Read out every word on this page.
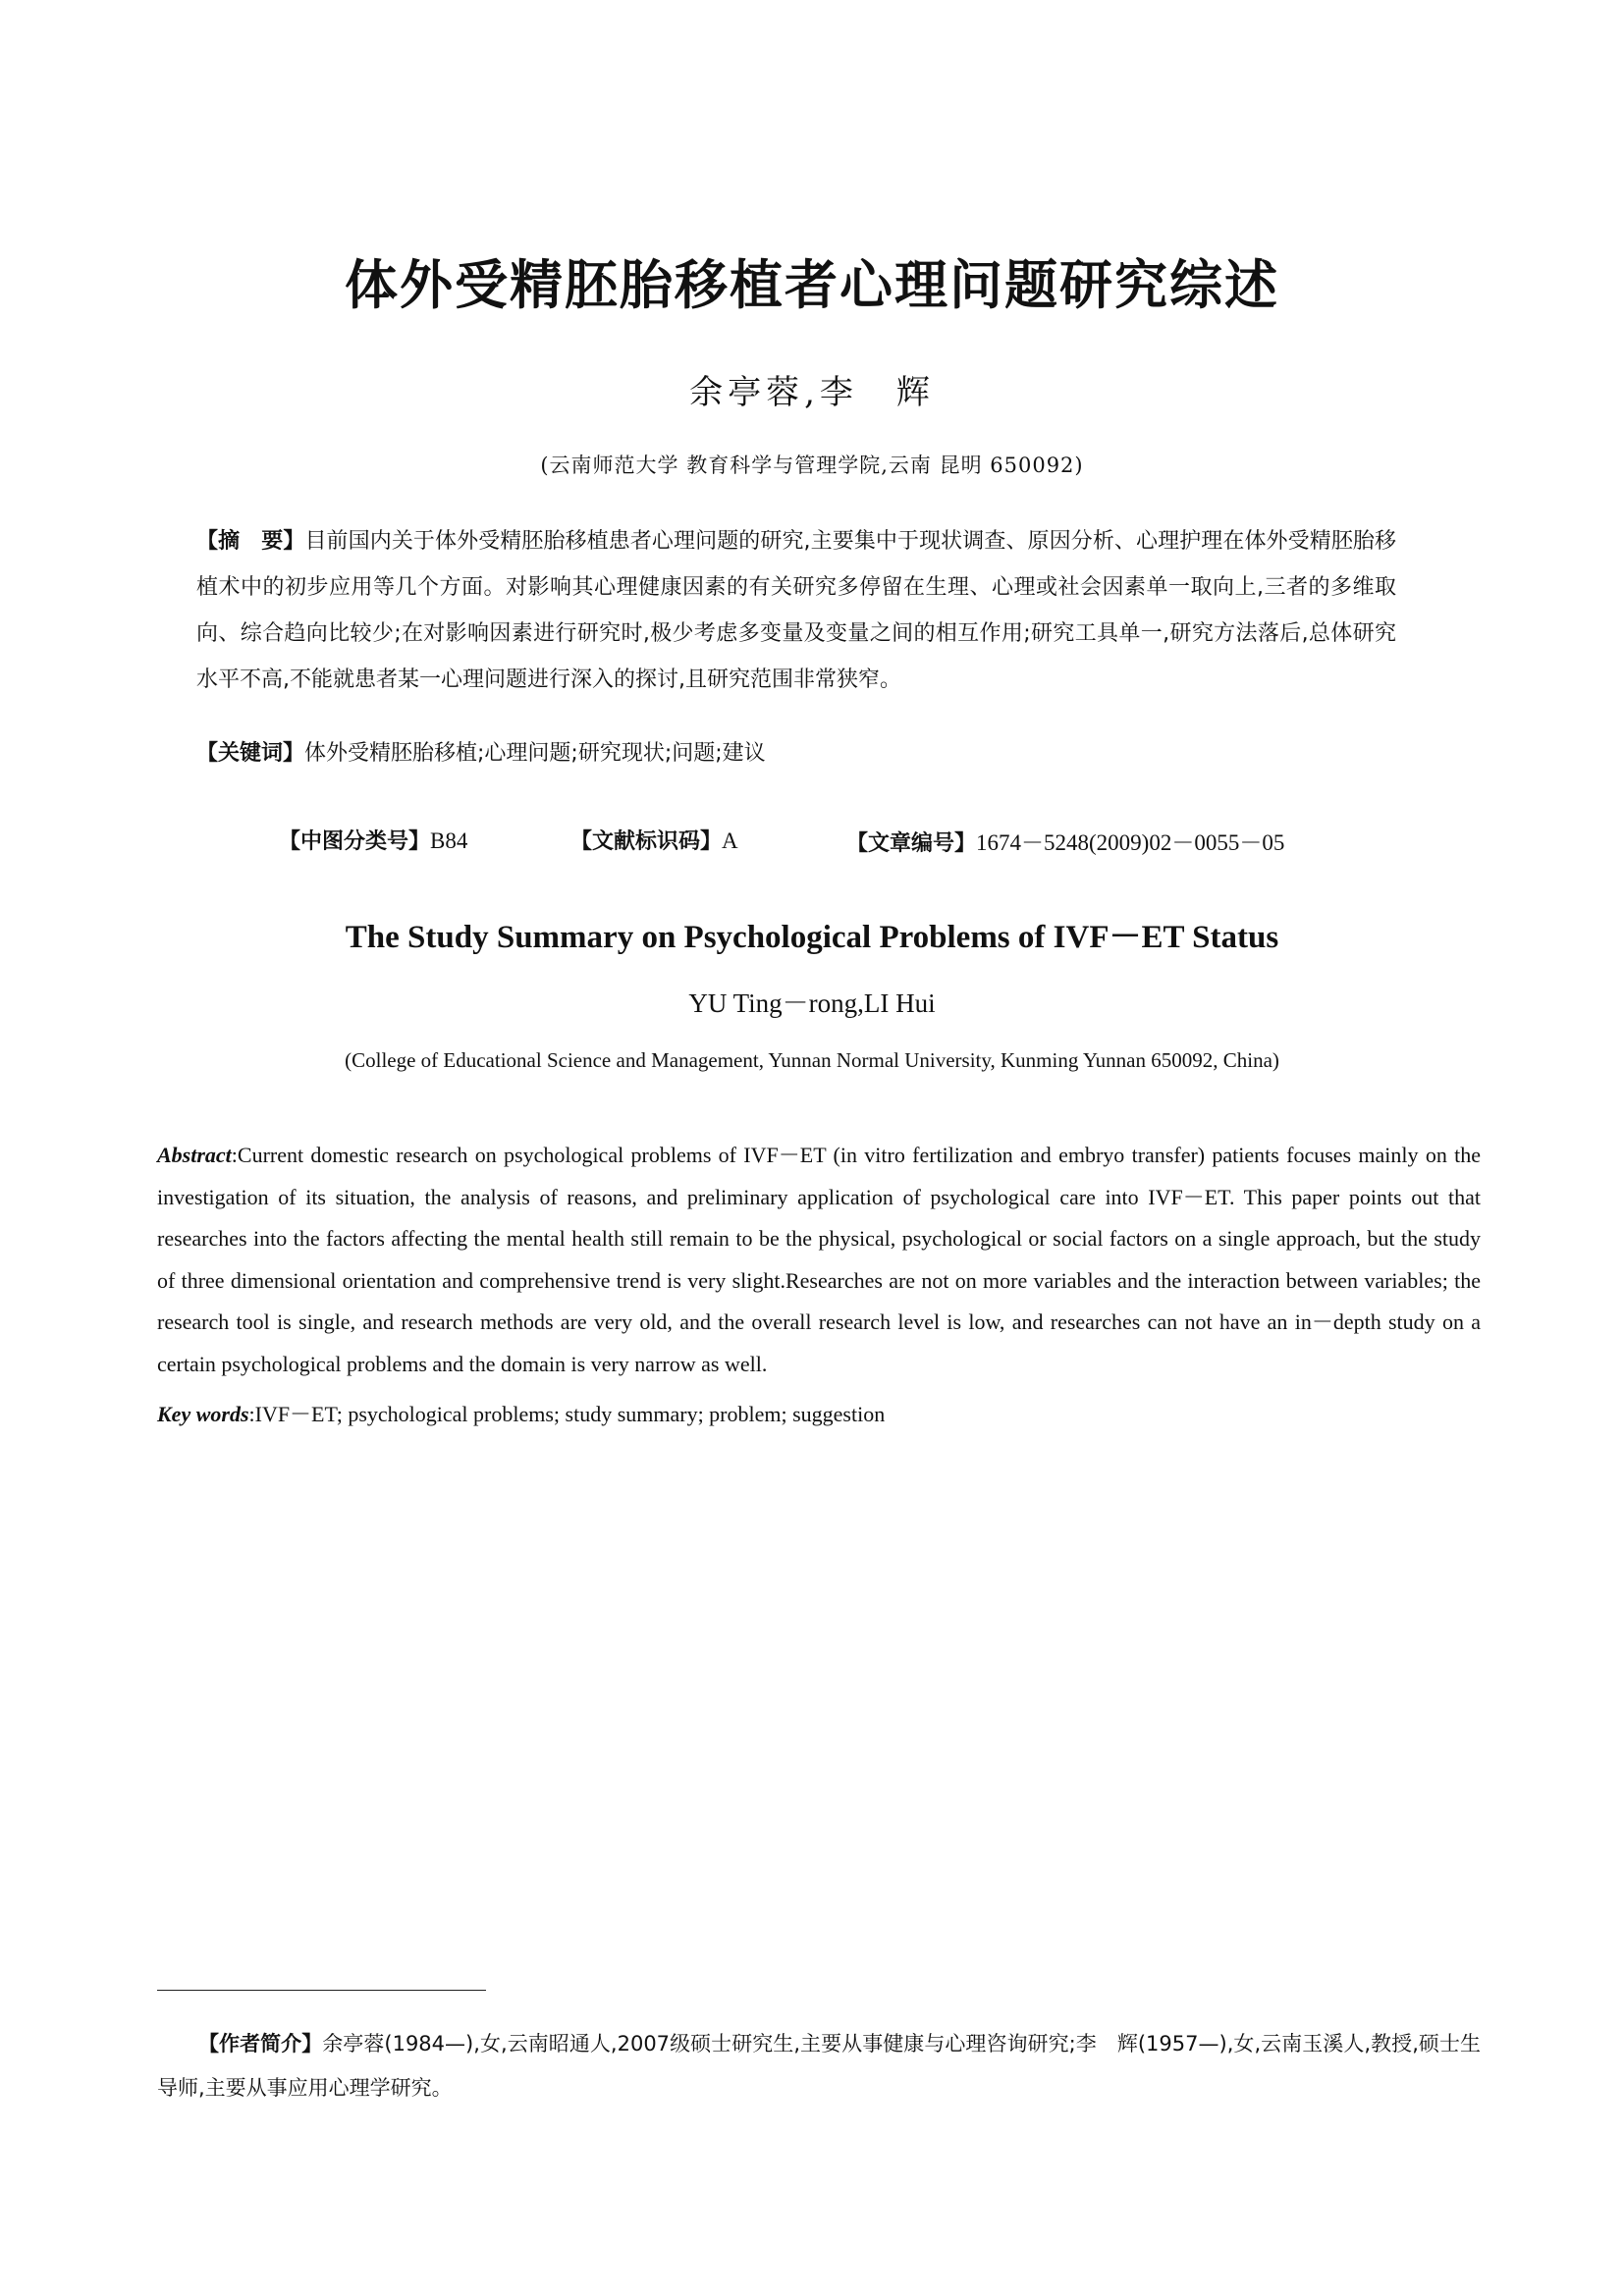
体外受精胚胎移植者心理问题研究综述
余亭蓉,李　辉
(云南师范大学 教育科学与管理学院,云南 昆明 650092)
【摘　要】目前国内关于体外受精胚胎移植患者心理问题的研究,主要集中于现状调查、原因分析、心理护理在体外受精胚胎移植术中的初步应用等几个方面。对影响其心理健康因素的有关研究多停留在生理、心理或社会因素单一取向上,三者的多维取向、综合趋向比较少;在对影响因素进行研究时,极少考虑多变量及变量之间的相互作用;研究工具单一,研究方法落后,总体研究水平不高,不能就患者某一心理问题进行深入的探讨,且研究范围非常狭窄。
【关键词】体外受精胚胎移植;心理问题;研究现状;问题;建议
【中图分类号】B84	【文献标识码】A	【文章编号】1674－5248(2009)02－0055－05
The Study Summary on Psychological Problems of IVF－ET Status
YU Ting－rong,LI Hui
(College of Educational Science and Management, Yunnan Normal University, Kunming Yunnan 650092, China)
Abstract:Current domestic research on psychological problems of IVF－ET (in vitro fertilization and embryo transfer) patients focuses mainly on the investigation of its situation, the analysis of reasons, and preliminary application of psychological care into IVF－ET. This paper points out that researches into the factors affecting the mental health still remain to be the physical, psychological or social factors on a single approach, but the study of three dimensional orientation and comprehensive trend is very slight.Researches are not on more variables and the interaction between variables; the research tool is single, and research methods are very old, and the overall research level is low, and researches can not have an in－depth study on a certain psychological problems and the domain is very narrow as well.
Key words:IVF－ET; psychological problems; study summary; problem; suggestion
【作者简介】余亭蓉(1984—),女,云南昭通人,2007级硕士研究生,主要从事健康与心理咨询研究;李　辉(1957—),女,云南玉溪人,教授,硕士生导师,主要从事应用心理学研究。
